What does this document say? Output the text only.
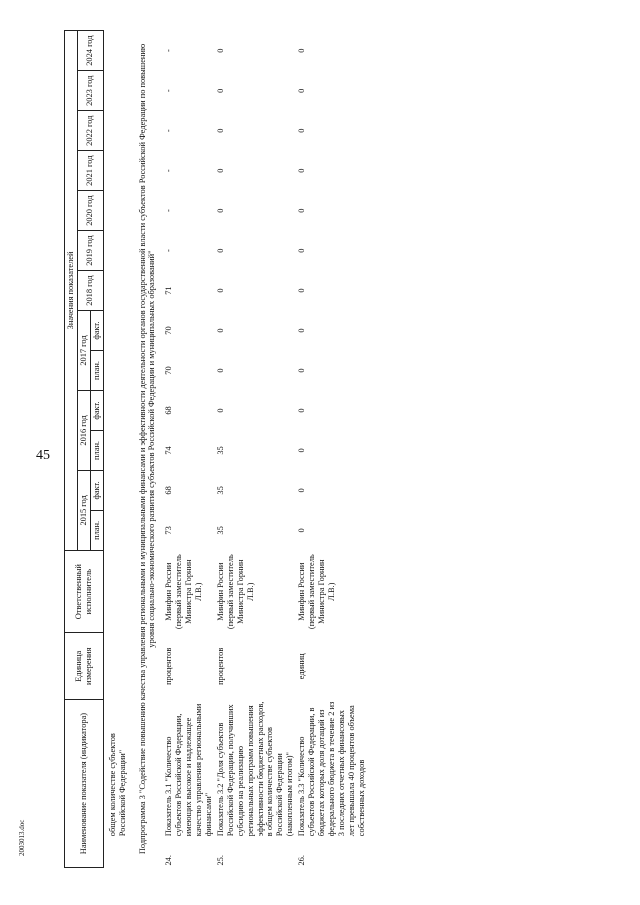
45
2003013.doc	Наименование показателя (индикатора)		Единица измерения	Ответственный исполнитель	Значения показателей												
				2015 год		2016 год		2017 год		2018 год	2019 год	2020 год	2021 год	2022 год	2023 год	2024 год
				план.	факт.	план.	факт.	план.	факт.							
	общем количестве субъектов Российской Федерации"															
Подпрограмма 3 "Содействие повышению качества управления региональными и муниципальными финансами и эффективности деятельности органов государственной власти субъектов Российской Федерации по повышению уровня социально-экономического развития субъектов Российской Федерации и муниципальных образований"																
24.	Показатель 3.1 "Количество субъектов Российской Федерации, имеющих высокое и надлежащее качество управления региональными финансами"	процентов	Минфин России (первый заместитель Министра Горнин Л.В.)	73	68	74	68	70	70	71	-	-	-	-	-	-
25.	Показатель 3.2 "Доля субъектов Российской Федерации, получивших субсидию на реализацию региональных программ повышения эффективности бюджетных расходов, в общем количестве субъектов Российской Федерации (накопленным итогом)"	процентов	Минфин России (первый заместитель Министра Горнин Л.В.)	35	35	35	0	0	0	0	0	0	0	0	0	0
26.	Показатель 3.3 "Количество субъектов Российской Федерации, в бюджетах которых доля дотаций из федерального бюджета в течение 2 из 3 последних отчетных финансовых лет превышала 40 процентов объема собственных доходов	единиц	Минфин России (первый заместитель Министра Горнин Л.В.)	0	0	0	0	0	0	0	0	0	0	0	0	0
